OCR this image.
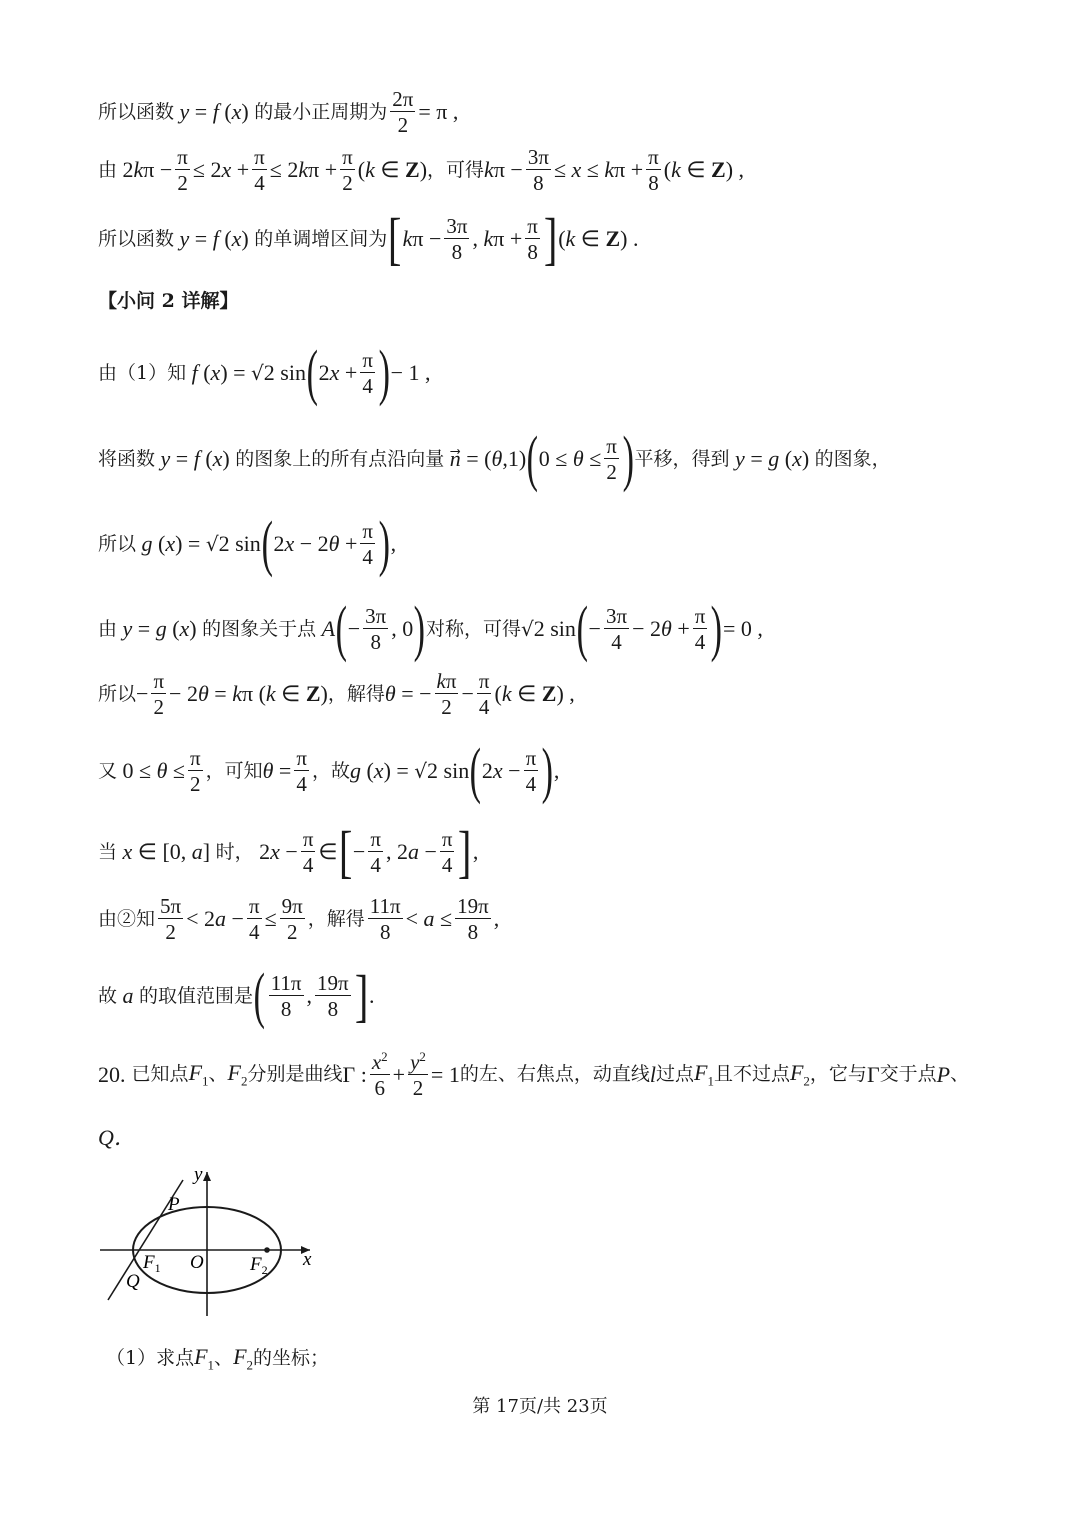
所以函数 y = f (x) 的最小正周期为 $\frac{2\pi}{2} = \pi$ ,
由 $2k\pi - \frac{\pi}{2} \le 2x + \frac{\pi}{4} \le 2k\pi + \frac{\pi}{2} (k$ ∈ Z) ，可得 $k\pi - \frac{3\pi}{8} \le x \le k\pi + \frac{\pi}{8} (k$ ∈ Z) ,
所以函数 y = f (x) 的单调增区间为 [ $k\pi - \frac{3\pi}{8}$ , $k\pi + \frac{\pi}{8}$ ] (k ∈ Z) .
【小问 2 详解】
由（1）知 f (x) = √2 sin ( $2x + \frac{\pi}{4}$ ) − 1 ,
将函数 y = f (x) 的图象上的所有点沿向量 n⃗ = (θ,1) ( $0 \le \theta \le \frac{\pi}{2}$ ) 平移，得到 y = g (x) 的图象，
所以 g (x) = √2 sin ( $2x - 2\theta + \frac{\pi}{4}$ ) ,
由 y = g (x) 的图象关于点 A ( − $\frac{3\pi}{8}$ , 0 ) 对称，可得 √2 sin ( − $\frac{3\pi}{4} - 2\theta + \frac{\pi}{4}$ ) = 0 ,
所以 − $\frac{\pi}{2} - 2\theta = k\pi$ (k ∈ Z) ，解得 θ = − $\frac{k\pi}{2} - \frac{\pi}{4} (k$ ∈ Z) ,
又 $0 \le \theta \le \frac{\pi}{2}$ ，可知 $\theta = \frac{\pi}{4}$ ，故 g (x) = √2 sin ( $2x - \frac{\pi}{4}$ ) ,
当 x ∈ [0, a] 时， $2x - \frac{\pi}{4}$ ∈ [ − $\frac{\pi}{4}$ , $2a - \frac{\pi}{4}$ ] ,
由②知 $\frac{5\pi}{2} < 2a - \frac{\pi}{4} \le \frac{9\pi}{2}$ ，解得 $\frac{11\pi}{8} < a \le \frac{19\pi}{8}$ ,
故 a 的取值范围是 ( $\frac{11\pi}{8}$ , $\frac{19\pi}{8}$ ] .
20.
已知点 $F_1$ 、 $F_2$ 分别是曲线 Γ : $\frac{x^2}{6} + \frac{y^2}{2} = 1$ 的左、右焦点，动直线 l 过点 $F_1$ 且不过点 $F_2$ ，它与 Γ 交于点 P 、
Q．
y
x
P
Q
O
$F_1$	$F_2$
（1）求点 $F_1$ 、 $F_2$ 的坐标；
第 17页/共 23页
